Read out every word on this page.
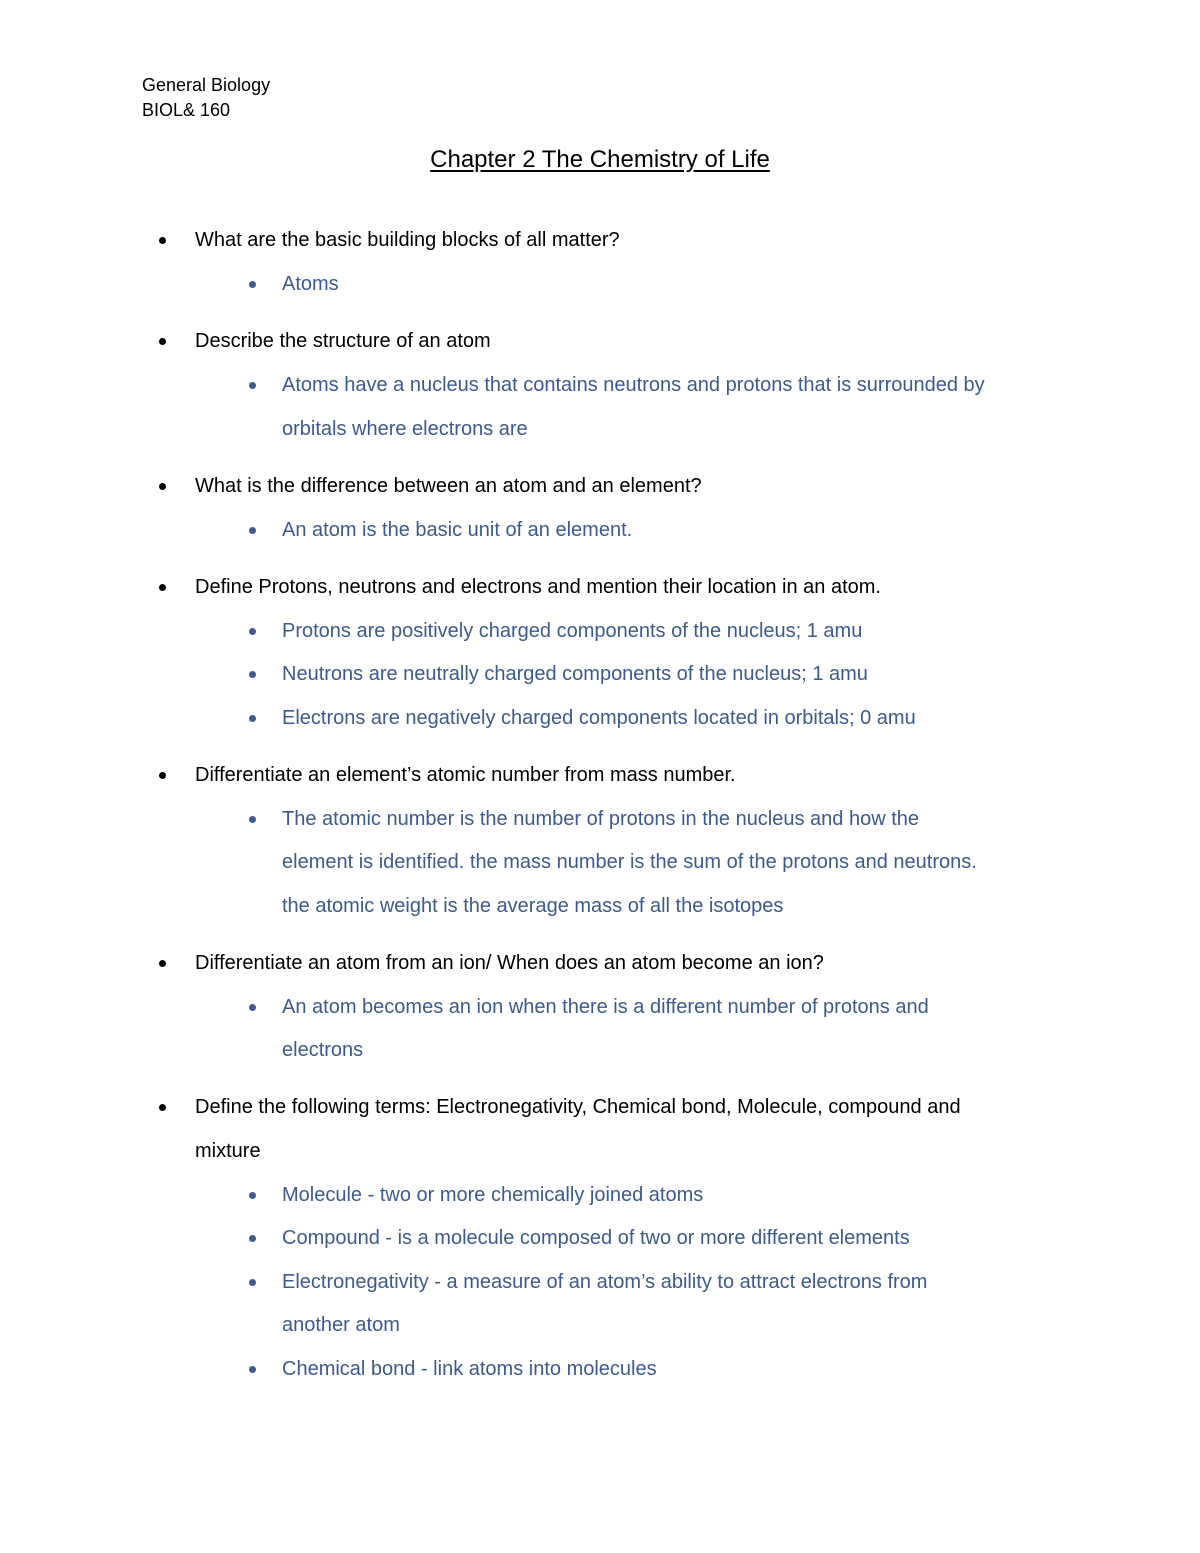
General Biology
BIOL& 160
Chapter 2 The Chemistry of Life
What are the basic building blocks of all matter?
Atoms
Describe the structure of an atom
Atoms have a nucleus that contains neutrons and protons that is surrounded by
orbitals where electrons are
What is the difference between an atom and an element?
An atom is the basic unit of an element.
Define Protons, neutrons and electrons and mention their location in an atom.
Protons are positively charged components of the nucleus; 1 amu
Neutrons are neutrally charged components of the nucleus; 1 amu
Electrons are negatively charged components located in orbitals; 0 amu
Differentiate an element’s atomic number from mass number.
The atomic number is the number of protons in the nucleus and how the
element is identified. the mass number is the sum of the protons and neutrons.
the atomic weight is the average mass of all the isotopes
Differentiate an atom from an ion/ When does an atom become an ion?
An atom becomes an ion when there is a different number of protons and
electrons
Define the following terms: Electronegativity, Chemical bond, Molecule, compound and
mixture
Molecule - two or more chemically joined atoms
Compound - is a molecule composed of two or more different elements
Electronegativity - a measure of an atom’s ability to attract electrons from
another atom
Chemical bond - link atoms into molecules
